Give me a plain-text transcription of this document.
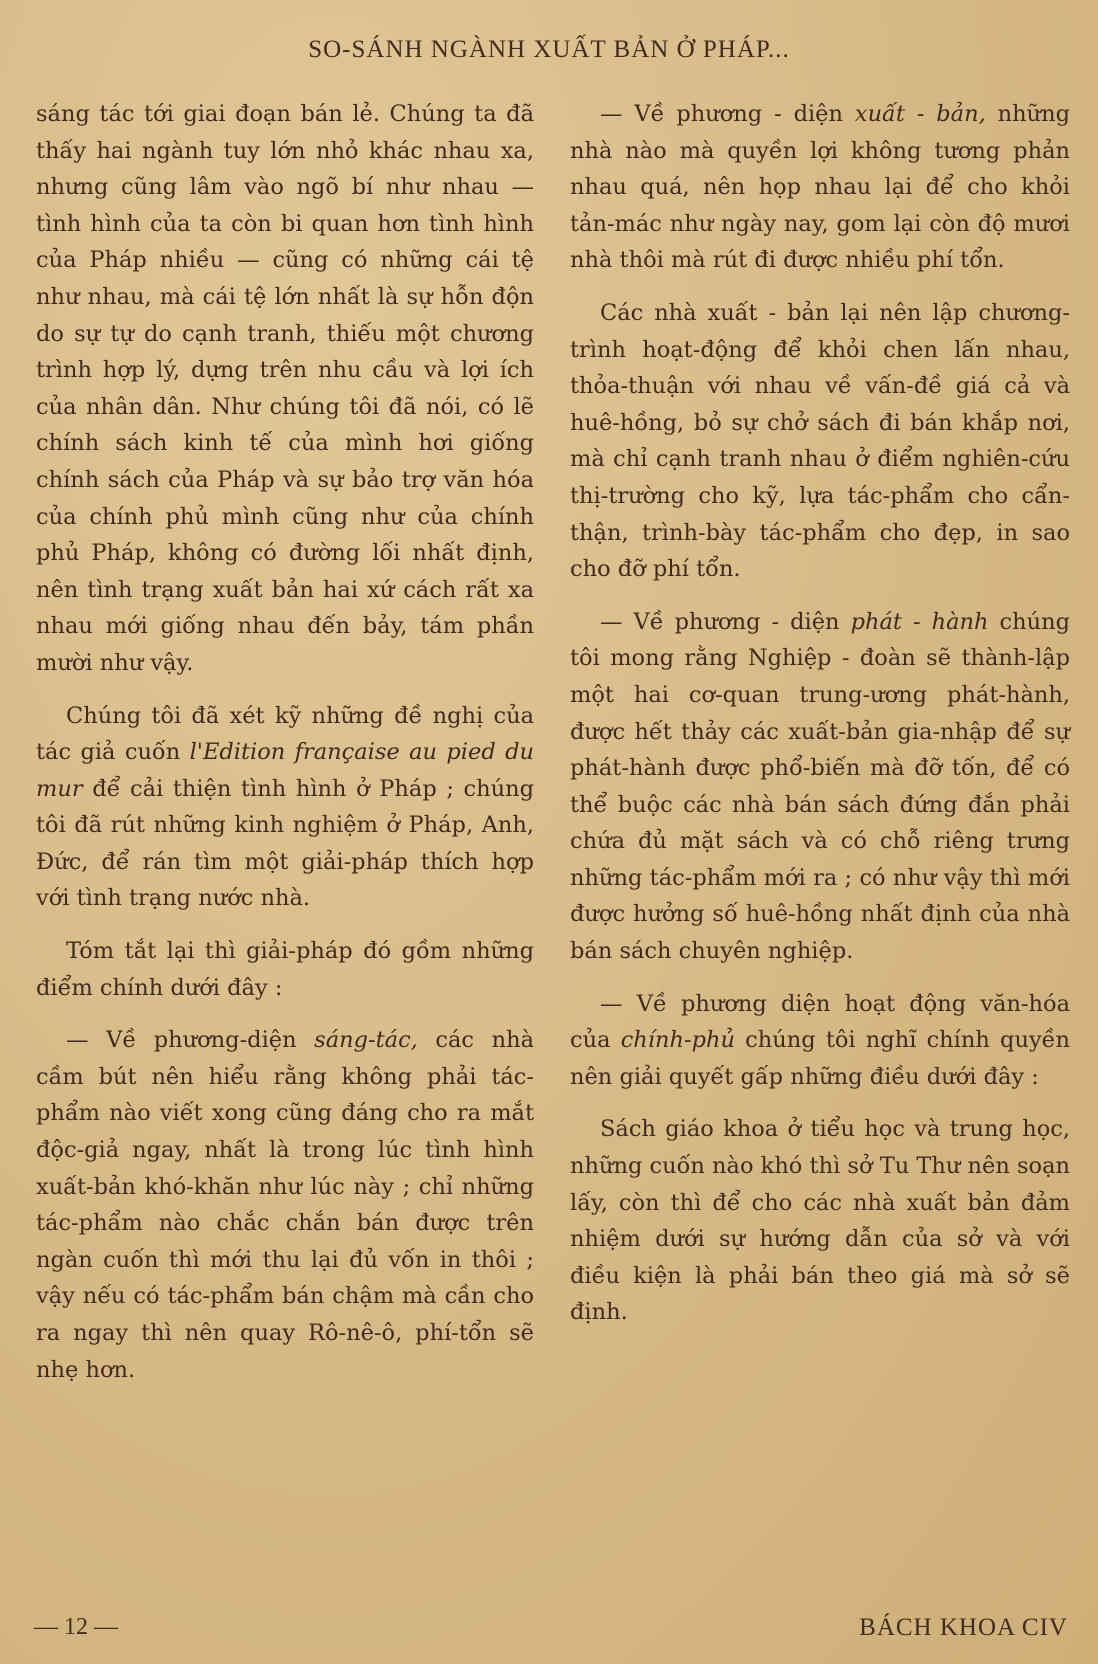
SO-SÁNH NGÀNH XUẤT BẢN Ở PHÁP...

sáng tác tới giai đoạn bán lẻ. Chúng ta đã thấy hai ngành tuy lớn nhỏ khác nhau xa, nhưng cũng lâm vào ngõ bí như nhau — tình hình của ta còn bi quan hơn tình hình của Pháp nhiều — cũng có những cái tệ như nhau, mà cái tệ lớn nhất là sự hỗn độn do sự tự do cạnh tranh, thiếu một chương trình hợp lý, dựng trên nhu cầu và lợi ích của nhân dân. Như chúng tôi đã nói, có lẽ chính sách kinh tế của mình hơi giống chính sách của Pháp và sự bảo trợ văn hóa của chính phủ mình cũng như của chính phủ Pháp, không có đường lối nhất định, nên tình trạng xuất bản hai xứ cách rất xa nhau mới giống nhau đến bảy, tám phần mười như vậy.

Chúng tôi đã xét kỹ những đề nghị của tác giả cuốn l'Edition française au pied du mur để cải thiện tình hình ở Pháp ; chúng tôi đã rút những kinh nghiệm ở Pháp, Anh, Đức, để rán tìm một giải-pháp thích hợp với tình trạng nước nhà.

Tóm tắt lại thì giải-pháp đó gồm những điểm chính dưới đây :

— Về phương-diện sáng-tác, các nhà cầm bút nên hiểu rằng không phải tác-phẩm nào viết xong cũng đáng cho ra mắt độc-giả ngay, nhất là trong lúc tình hình xuất-bản khó-khăn như lúc này ; chỉ những tác-phẩm nào chắc chắn bán được trên ngàn cuốn thì mới thu lại đủ vốn in thôi ; vậy nếu có tác-phẩm bán chậm mà cần cho ra ngay thì nên quay Rô-nê-ô, phí-tổn sẽ nhẹ hơn.

— Về phương - diện xuất - bản, những nhà nào mà quyền lợi không tương phản nhau quá, nên họp nhau lại để cho khỏi tản-mác như ngày nay, gom lại còn độ mươi nhà thôi mà rút đi được nhiều phí tổn.

Các nhà xuất - bản lại nên lập chương-trình hoạt-động để khỏi chen lấn nhau, thỏa-thuận với nhau về vấn-đề giá cả và huê-hồng, bỏ sự chở sách đi bán khắp nơi, mà chỉ cạnh tranh nhau ở điểm nghiên-cứu thị-trường cho kỹ, lựa tác-phẩm cho cẩn-thận, trình-bày tác-phẩm cho đẹp, in sao cho đỡ phí tổn.

— Về phương - diện phát - hành chúng tôi mong rằng Nghiệp - đoàn sẽ thành-lập một hai cơ-quan trung-ương phát-hành, được hết thảy các xuất-bản gia-nhập để sự phát-hành được phổ-biến mà đỡ tốn, để có thể buộc các nhà bán sách đứng đắn phải chứa đủ mặt sách và có chỗ riêng trưng những tác-phẩm mới ra ; có như vậy thì mới được hưởng số huê-hồng nhất định của nhà bán sách chuyên nghiệp.

— Về phương diện hoạt động văn-hóa của chính-phủ chúng tôi nghĩ chính quyền nên giải quyết gấp những điều dưới đây :

Sách giáo khoa ở tiểu học và trung học, những cuốn nào khó thì sở Tu Thư nên soạn lấy, còn thì để cho các nhà xuất bản đảm nhiệm dưới sự hướng dẫn của sở và với điều kiện là phải bán theo giá mà sở sẽ định.

— 12 —	BÁCH KHOA CIV
